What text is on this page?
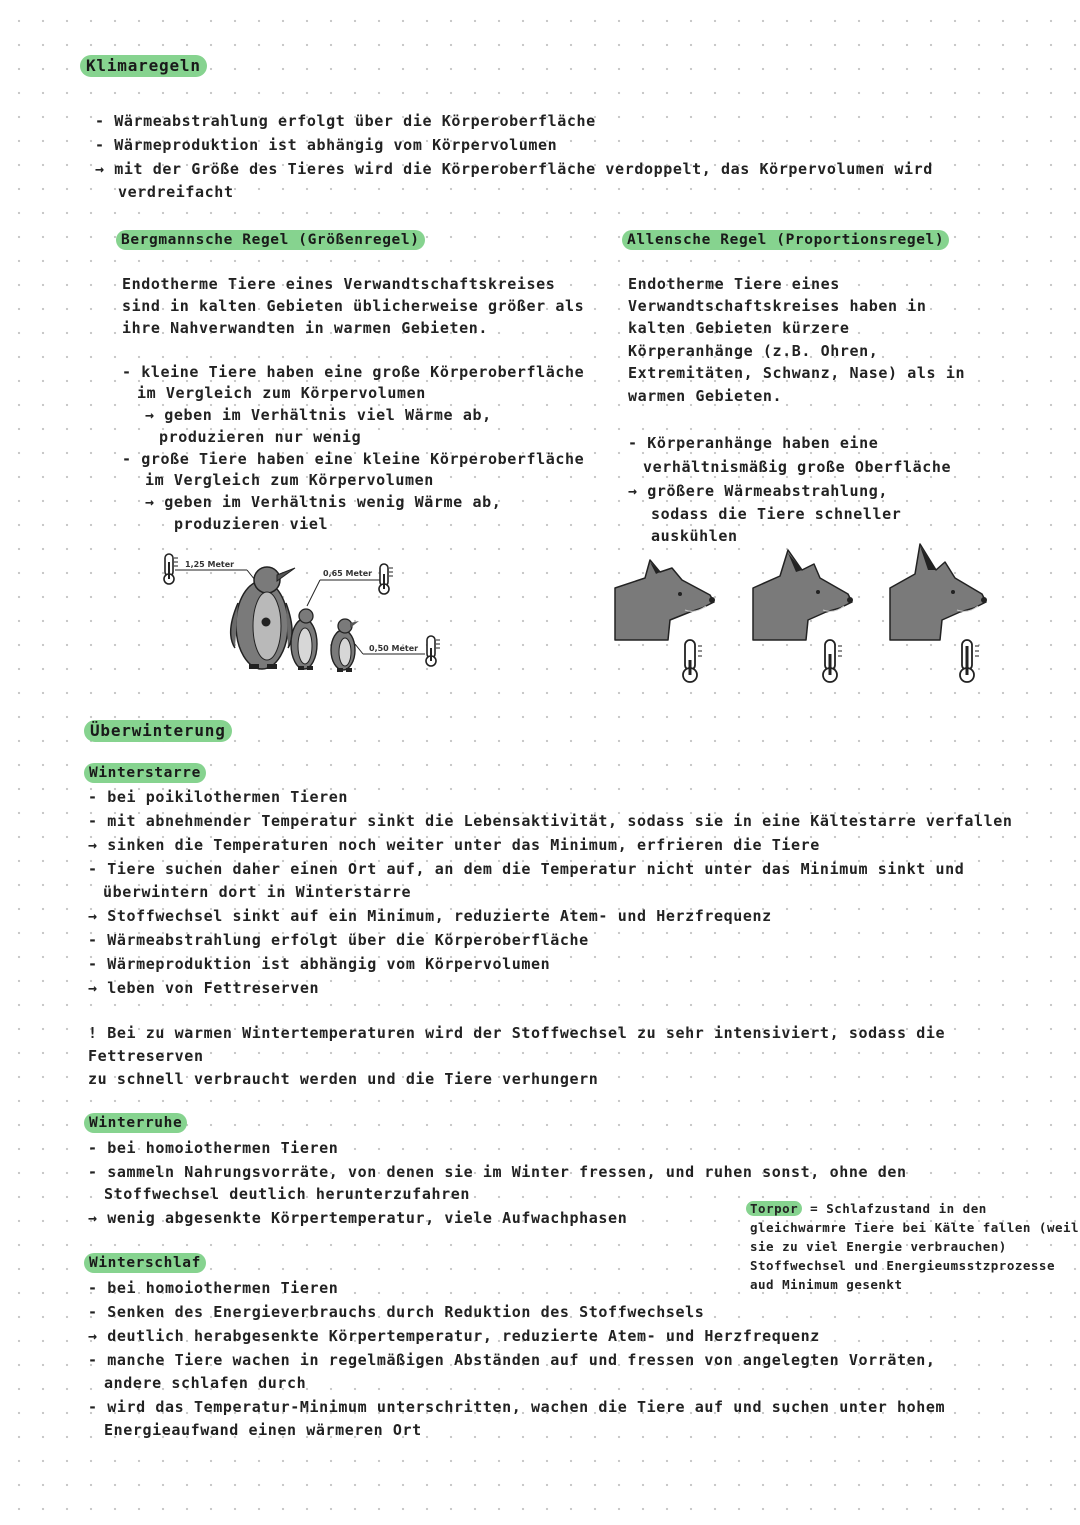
Klimaregeln

- Wärmeabstrahlung erfolgt über die Körperoberfläche

- Wärmeproduktion ist abhängig vom Körpervolumen

→ mit der Größe des Tieres wird die Körperoberfläche verdoppelt, das Körpervolumen wird

verdreifacht

Bergmannsche Regel (Größenregel)

Endotherme Tiere eines Verwandtschaftskreises

sind in kalten Gebieten üblicherweise größer als

ihre Nahverwandten in warmen Gebieten.

- kleine Tiere haben eine große Körperoberfläche

im Vergleich zum Körpervolumen

→ geben im Verhältnis viel Wärme ab,

produzieren nur wenig

- große Tiere haben eine kleine Körperoberfläche

im Vergleich zum Körpervolumen

→ geben im Verhältnis wenig Wärme ab,

produzieren viel

1,25 Meter
0,65 Meter
0,50 Meter
Allensche Regel (Proportionsregel)

Endotherme Tiere eines

Verwandtschaftskreises haben in

kalten Gebieten kürzere

Körperanhänge (z.B. Ohren,

Extremitäten, Schwanz, Nase) als in

warmen Gebieten.

- Körperanhänge haben eine

verhältnismäßig große Oberfläche

→ größere Wärmeabstrahlung,

sodass die Tiere schneller

auskühlen

Überwinterung
Winterstarre

- bei poikilothermen Tieren

- mit abnehmender Temperatur sinkt die Lebensaktivität, sodass sie in eine Kältestarre verfallen

→ sinken die Temperaturen noch weiter unter das Minimum, erfrieren die Tiere

- Tiere suchen daher einen Ort auf, an dem die Temperatur nicht unter das Minimum sinkt und

überwintern dort in Winterstarre

→ Stoffwechsel sinkt auf ein Minimum, reduzierte Atem- und Herzfrequenz

- Wärmeabstrahlung erfolgt über die Körperoberfläche

- Wärmeproduktion ist abhängig vom Körpervolumen

→ leben von Fettreserven

! Bei zu warmen Wintertemperaturen wird der Stoffwechsel zu sehr intensiviert, sodass die

Fettreserven

zu schnell verbraucht werden und die Tiere verhungern

Winterruhe

- bei homoiothermen Tieren

- sammeln Nahrungsvorräte, von denen sie im Winter fressen, und ruhen sonst, ohne den

Stoffwechsel deutlich herunterzufahren

→ wenig abgesenkte Körpertemperatur, viele Aufwachphasen

Torpor = Schlafzustand in den

gleichwarmre Tiere bei Kälte fallen (weil

sie zu viel Energie verbrauchen)

Stoffwechsel und Energieumsstzprozesse

aud Minimum gesenkt

Winterschlaf

- bei homoiothermen Tieren

- Senken des Energieverbrauchs durch Reduktion des Stoffwechsels

→ deutlich herabgesenkte Körpertemperatur, reduzierte Atem- und Herzfrequenz

- manche Tiere wachen in regelmäßigen Abständen auf und fressen von angelegten Vorräten,

andere schlafen durch

- wird das Temperatur-Minimum unterschritten, wachen die Tiere auf und suchen unter hohem

Energieaufwand einen wärmeren Ort
